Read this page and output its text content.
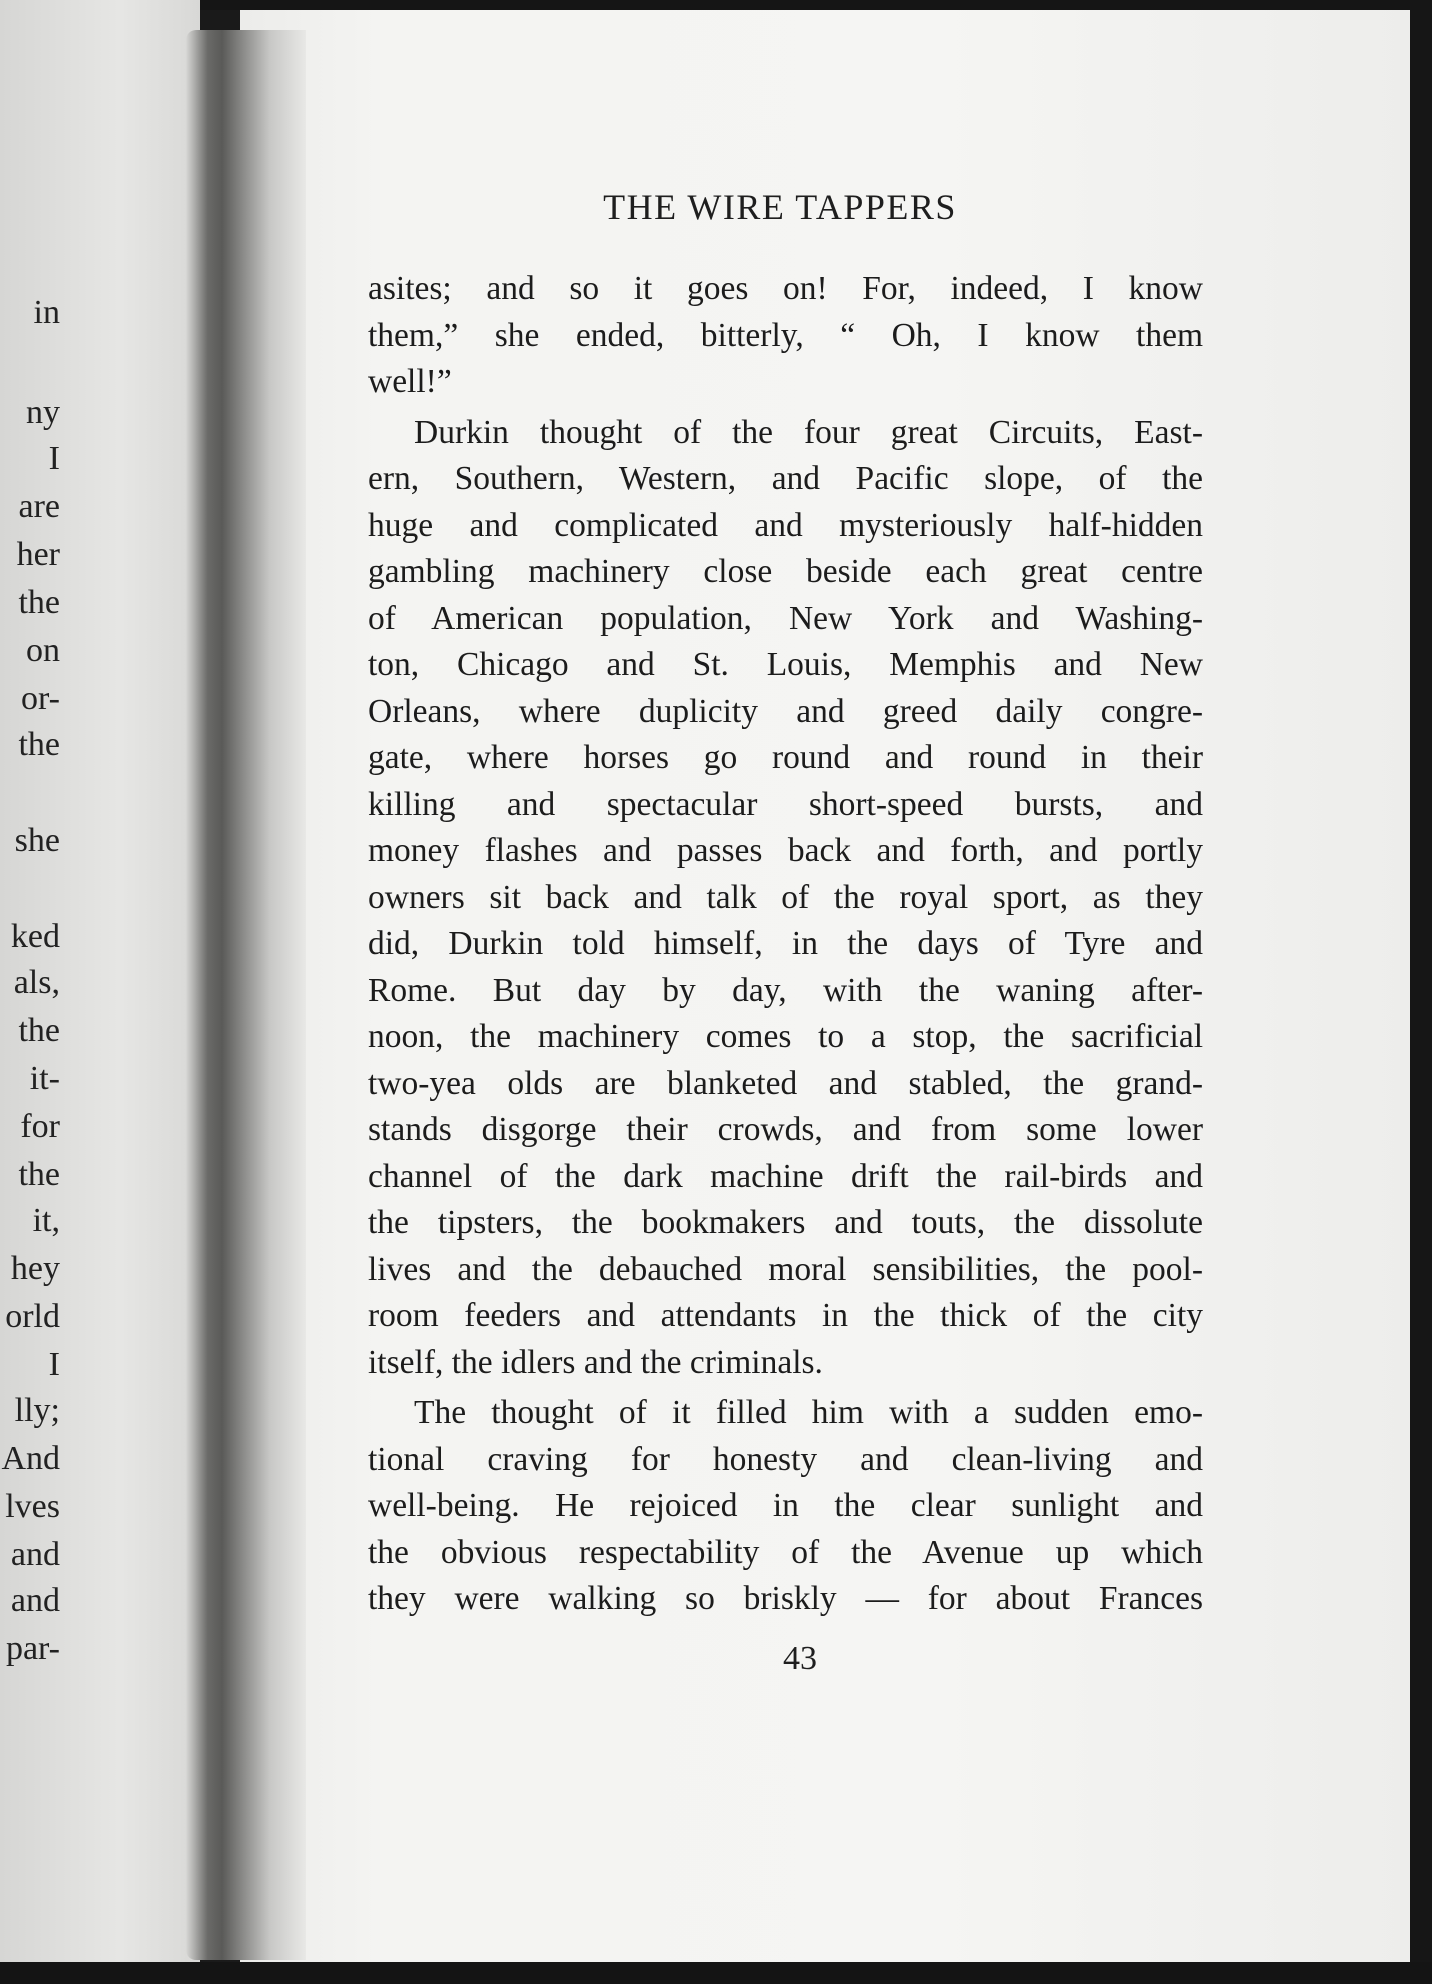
in
ny
I
are
her
the
on
or-
the
she
ked
als,
the
it-
for
the
it,
hey
orld
I
lly;
And
lves
and
and
par-
THE WIRE TAPPERS
asites; and so it goes on! For, indeed, I know
them,” she ended, bitterly, “ Oh, I know them
well!”
Durkin thought of the four great Circuits, East-
ern, Southern, Western, and Pacific slope, of the
huge and complicated and mysteriously half-hidden
gambling machinery close beside each great centre
of American population, New York and Washing-
ton, Chicago and St. Louis, Memphis and New
Orleans, where duplicity and greed daily congre-
gate, where horses go round and round in their
killing and spectacular short-speed bursts, and
money flashes and passes back and forth, and portly
owners sit back and talk of the royal sport, as they
did, Durkin told himself, in the days of Tyre and
Rome. But day by day, with the waning after-
noon, the machinery comes to a stop, the sacrificial
two-yea olds are blanketed and stabled, the grand-
stands disgorge their crowds, and from some lower
channel of the dark machine drift the rail-birds and
the tipsters, the bookmakers and touts, the dissolute
lives and the debauched moral sensibilities, the pool-
room feeders and attendants in the thick of the city
itself, the idlers and the criminals.
The thought of it filled him with a sudden emo-
tional craving for honesty and clean-living and
well-being. He rejoiced in the clear sunlight and
the obvious respectability of the Avenue up which
they were walking so briskly — for about Frances
43
